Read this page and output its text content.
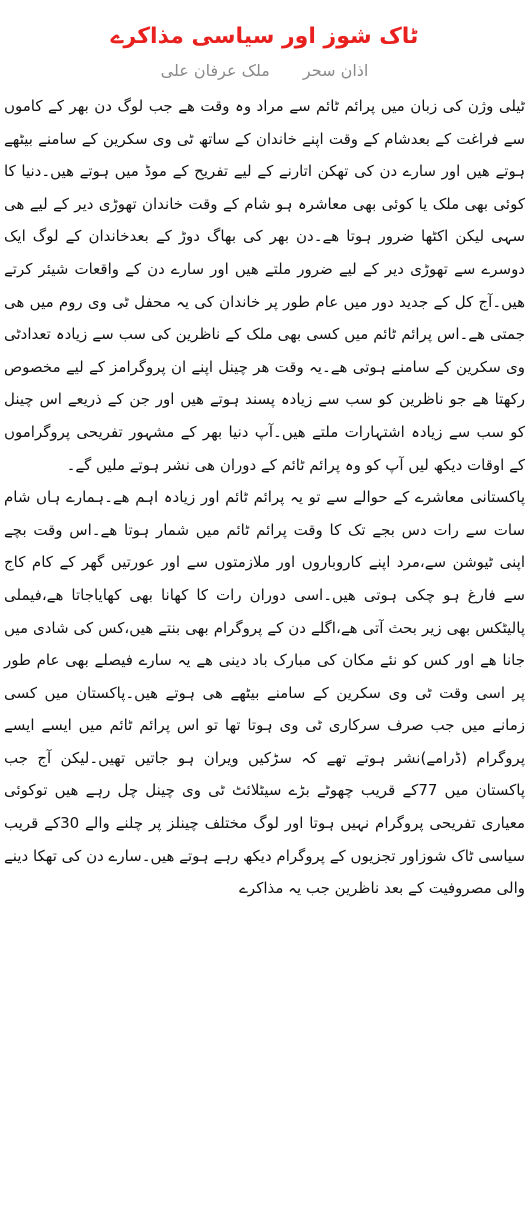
ٹاک شوز اور سیاسی مذاکرے
اذان سحر ملک عرفان علی

ٹیلی وژن کی زبان میں پرائم ٹائم سے مراد وہ وقت ھے جب لوگ دن بھر کے کاموں سے فراغت کے بعدشام کے وقت اپنے خاندان کے ساتھ ٹی وی سکرین کے سامنے بیٹھے ہوتے ھیں اور سارے دن کی تھکن اتارنے کے لیے تفریح کے موڈ میں ہوتے ھیں۔دنیا کا کوئی بھی ملک یا کوئی بھی معاشرہ ہو شام کے وقت خاندان تھوڑی دیر کے لیے ھی سہی لیکن اکٹھا ضرور ہوتا ھے۔دن بھر کی بھاگ دوڑ کے بعدخاندان کے لوگ ایک دوسرے سے تھوڑی دیر کے لیے ضرور ملتے ھیں اور سارے دن کے واقعات شیئر کرتے ھیں۔آج کل کے جدید دور میں عام طور پر خاندان کی یہ محفل ٹی وی روم میں ھی جمتی ھے۔اس پرائم ٹائم میں کسی بھی ملک کے ناظرین کی سب سے زیادہ تعدادٹی وی سکرین کے سامنے ہوتی ھے۔یہ وقت ھر چینل اپنے ان پروگرامز کے لیے مخصوص رکھتا ھے جو ناظرین کو سب سے زیادہ پسند ہوتے ھیں اور جن کے ذریعے اس چینل کو سب سے زیادہ اشتہارات ملتے ھیں۔آپ دنیا بھر کے مشہور تفریحی پروگراموں کے اوقات دیکھ لیں آپ کو وہ پرائم ٹائم کے دوران ھی نشر ہوتے ملیں گے۔

پاکستانی معاشرے کے حوالے سے تو یہ پرائم ٹائم اور زیادہ اہم ھے۔ہمارے ہاں شام سات سے رات دس بجے تک کا وقت پرائم ٹائم میں شمار ہوتا ھے۔اس وقت بچے اپنی ٹیوشن سے،مرد اپنے کاروباروں اور ملازمتوں سے اور عورتیں گھر کے کام کاج سے فارغ ہو چکی ہوتی ھیں۔اسی دوران رات کا کھانا بھی کھایاجاتا ھے،فیملی پالیٹکس بھی زیر بحث آتی ھے،اگلے دن کے پروگرام بھی بنتے ھیں،کس کی شادی میں جانا ھے اور کس کو نئے مکان کی مبارک باد دینی ھے یہ سارے فیصلے بھی عام طور پر اسی وقت ٹی وی سکرین کے سامنے بیٹھے ھی ہوتے ھیں۔پاکستان میں کسی زمانے میں جب صرف سرکاری ٹی وی ہوتا تھا تو اس پرائم ٹائم میں ایسے ایسے پروگرام (ڈرامے)نشر ہوتے تھے کہ سڑکیں ویران ہو جاتیں تھیں۔لیکن آج جب پاکستان میں 77کے قریب چھوٹے بڑے سیٹلائٹ ٹی وی چینل چل رہے ھیں توکوئی معیاری تفریحی پروگرام نہیں ہوتا اور لوگ مختلف چینلز پر چلنے والے 30کے قریب سیاسی ٹاک شوزاور تجزیوں کے پروگرام دیکھ رہے ہوتے ھیں۔سارے دن کی تھکا دینے والی مصروفیت کے بعد ناظرین جب یہ مذاکرے
